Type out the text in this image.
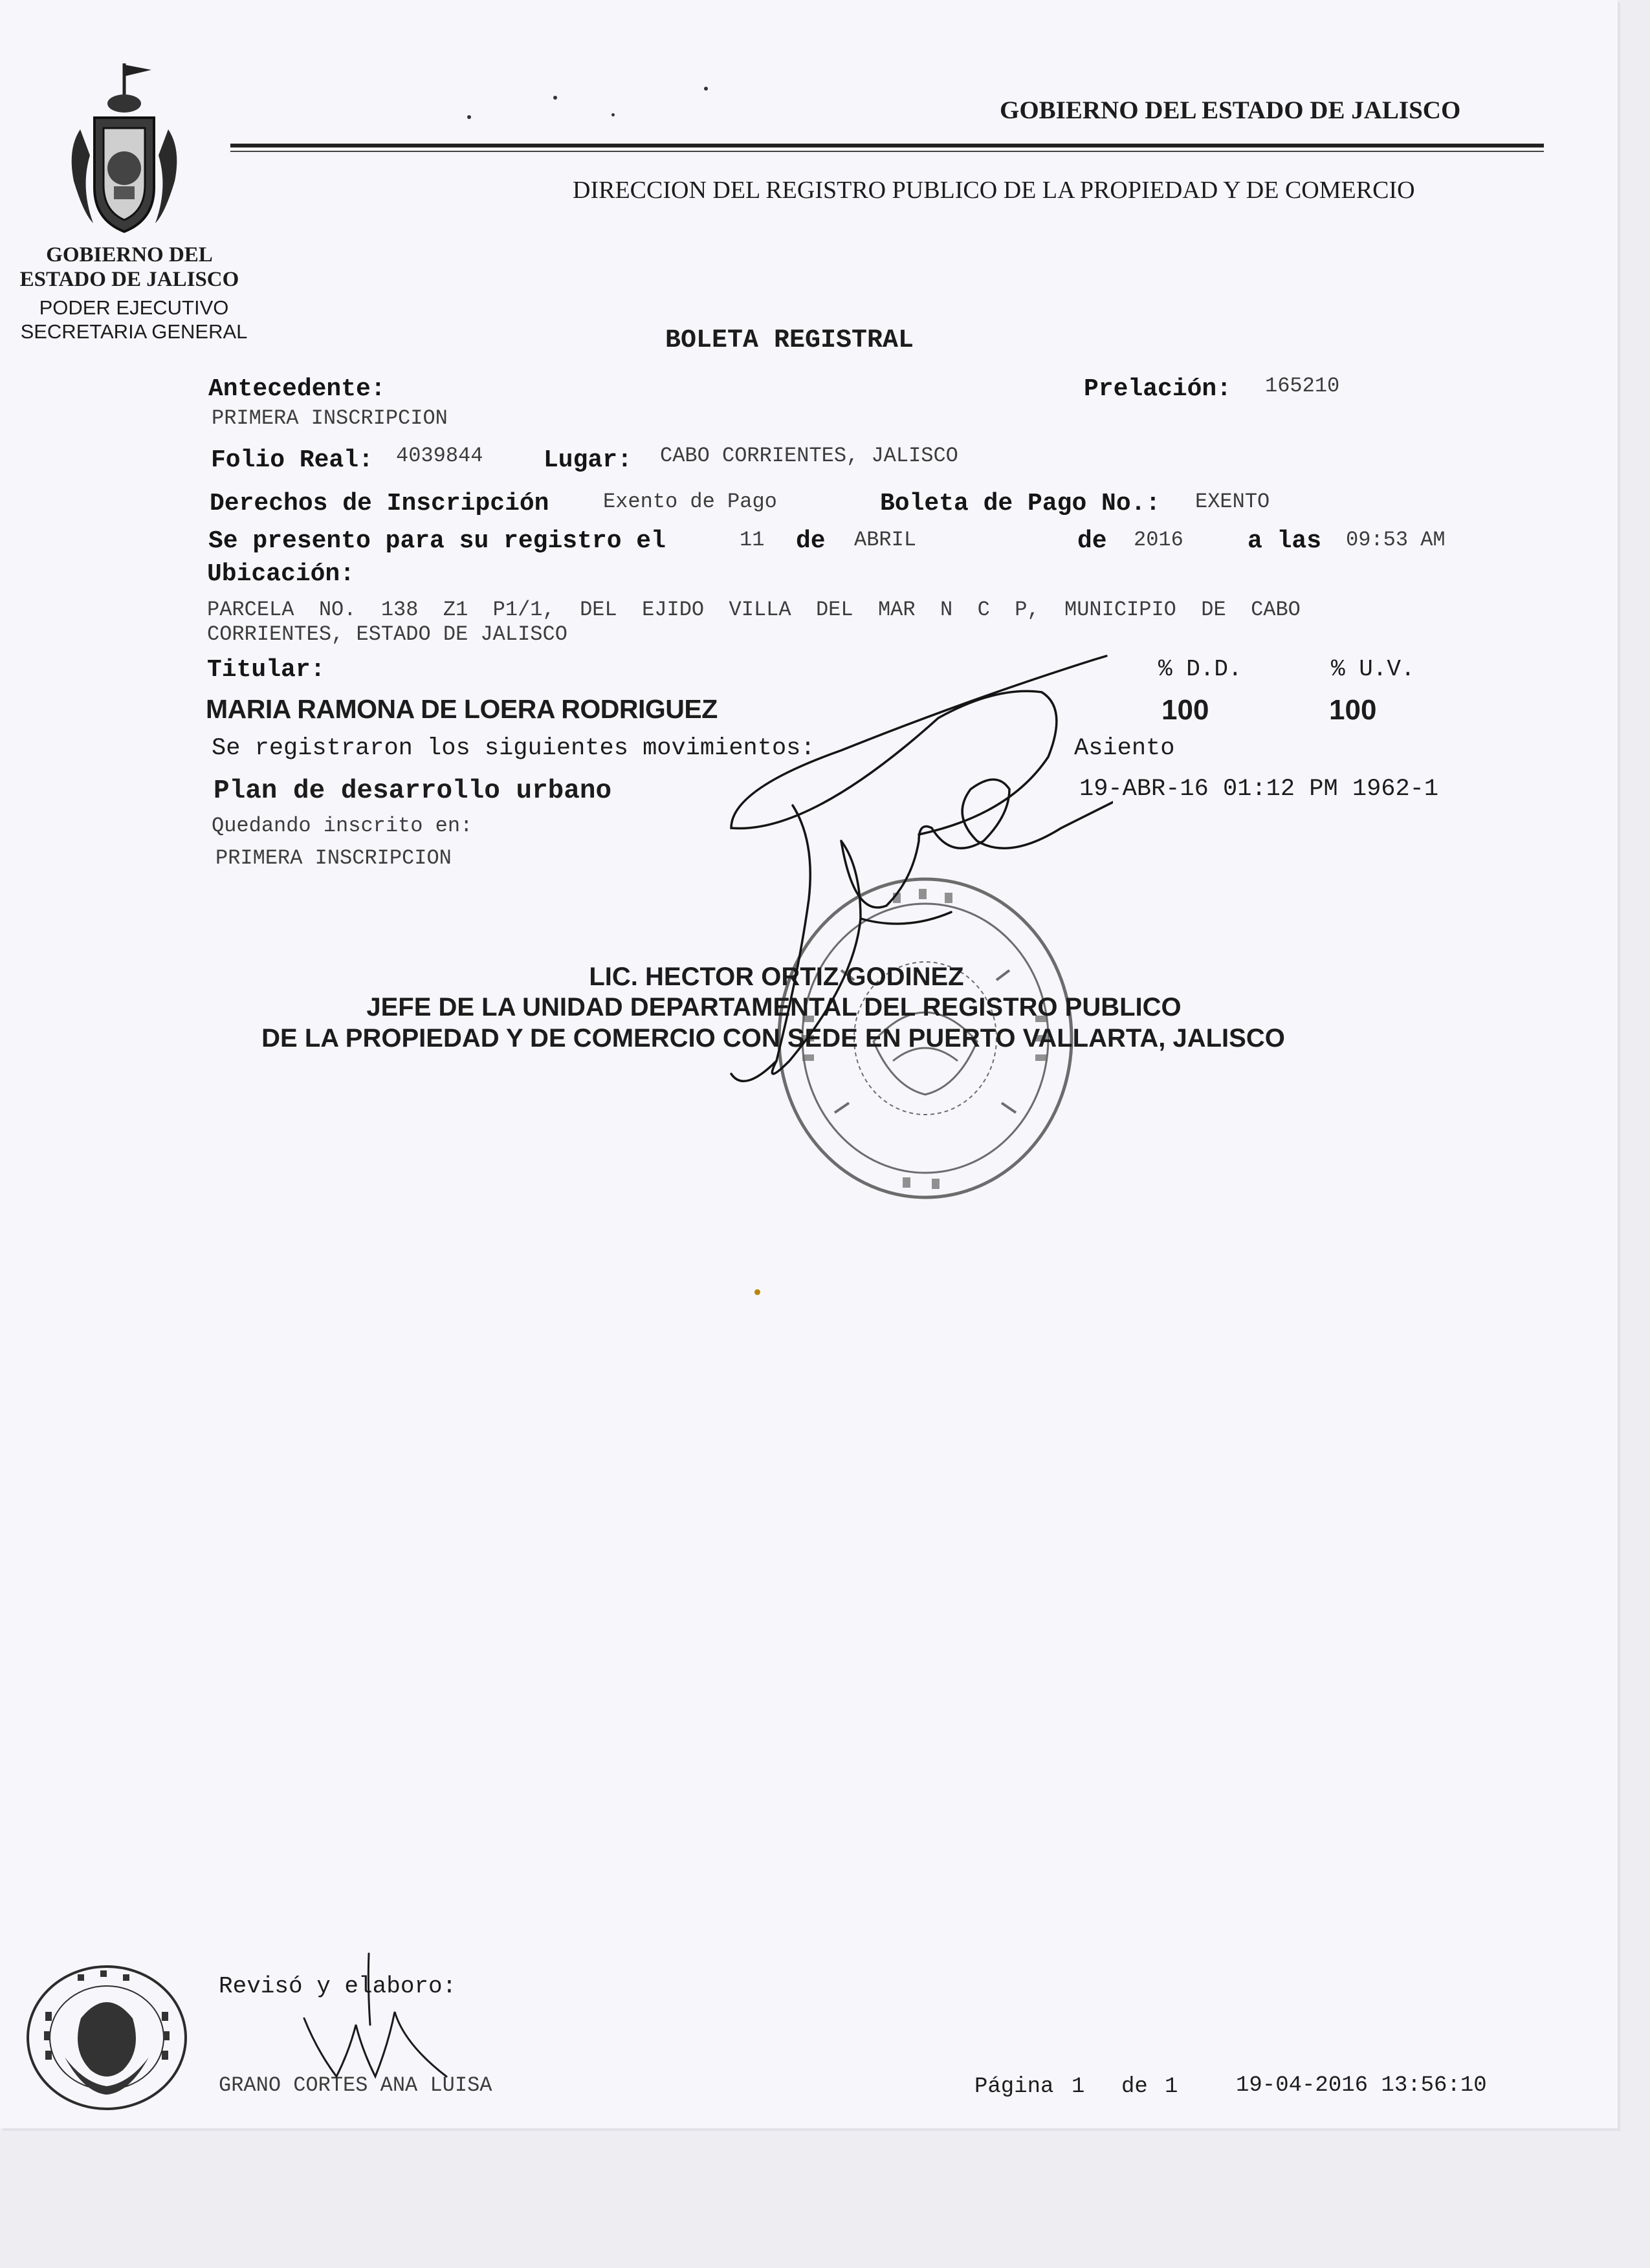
GOBIERNO DEL
ESTADO DE JALISCO
PODER EJECUTIVO
SECRETARIA GENERAL
GOBIERNO DEL ESTADO DE JALISCO
DIRECCION DEL REGISTRO PUBLICO DE LA PROPIEDAD Y DE COMERCIO
BOLETA REGISTRAL
Antecedente:
PRIMERA INSCRIPCION
Prelación: 165210
Folio Real: 4039844 Lugar: CABO CORRIENTES, JALISCO
Derechos de Inscripción	Exento de Pago	Boleta de Pago No.: EXENTO
Se presento para su registro el	11 de ABRIL	de 2016	a las 09:53 AM
Ubicación:
PARCELA  NO.  138  Z1  P1/1,  DEL  EJIDO  VILLA  DEL  MAR  N  C  P,  MUNICIPIO  DE  CABO
CORRIENTES, ESTADO DE JALISCO
Titular:	% D.D.	% U.V.
MARIA RAMONA DE LOERA RODRIGUEZ	100	100
Se registraron los siguientes movimientos:	Asiento
Plan de desarrollo urbano	19-ABR-16 01:12 PM 1962-1
Quedando inscrito en:
PRIMERA INSCRIPCION
LIC. HECTOR ORTIZ GODINEZ
JEFE DE LA UNIDAD DEPARTAMENTAL DEL REGISTRO PUBLICO
DE LA PROPIEDAD Y DE COMERCIO CON SEDE EN PUERTO VALLARTA, JALISCO
Revisó y elaboro:
GRANO CORTES ANA LUISA	Página 1 de 1	19-04-2016 13:56:10
